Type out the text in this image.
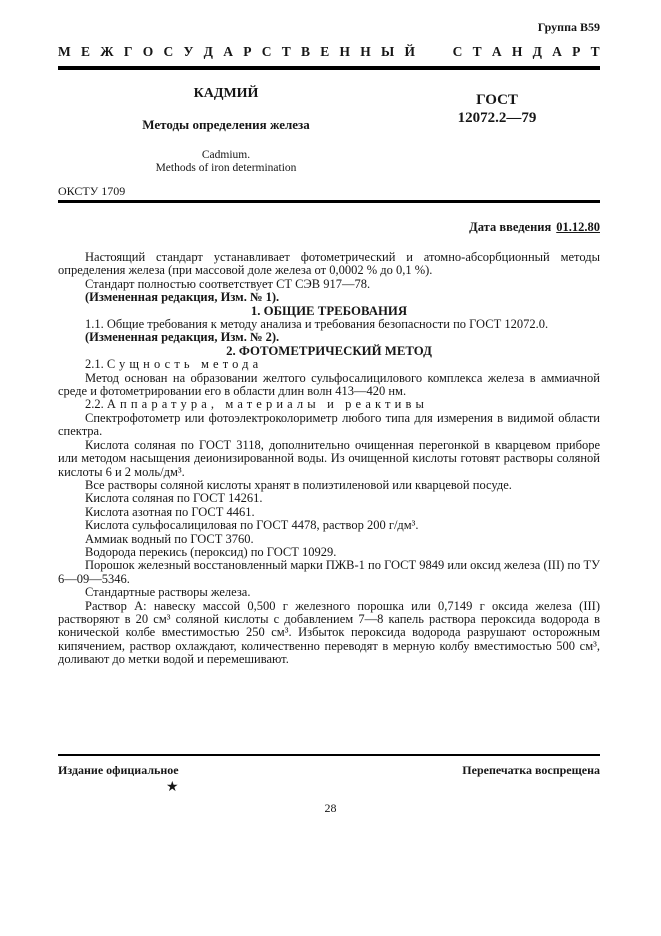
Группа В59
М Е Ж Г О С У Д А Р С Т В Е Н Н Ы Й

	С Т А Н Д А Р Т
КАДМИЙ
Методы определения железа
Cadmium.
Methods of iron determination
ГОСТ
12072.2—79
ОКСТУ 1709
Дата введения 01.12.80

Настоящий стандарт устанавливает фотометрический и атомно-абсорбционный методы определения железа (при массовой доле железа от 0,0002 % до 0,1 %).

Стандарт полностью соответствует СТ СЭВ 917—78.

(Измененная редакция, Изм. № 1).

1. ОБЩИЕ ТРЕБОВАНИЯ

1.1. Общие требования к методу анализа и требования безопасности по ГОСТ 12072.0.

(Измененная редакция, Изм. № 2).

2. ФОТОМЕТРИЧЕСКИЙ МЕТОД

2.1. Сущность метода

Метод основан на образовании желтого сульфосалицилового комплекса железа в аммиачной среде и фотометрировании его в области длин волн 413—420 нм.

2.2. Аппаратура, материалы и реактивы

Спектрофотометр или фотоэлектроколориметр любого типа для измерения в видимой области спектра.

Кислота соляная по ГОСТ 3118, дополнительно очищенная перегонкой в кварцевом приборе или методом насыщения деионизированной воды. Из очищенной кислоты готовят растворы соляной кислоты 6 и 2 моль/дм³.

Все растворы соляной кислоты хранят в полиэтиленовой или кварцевой посуде.

Кислота соляная по ГОСТ 14261.

Кислота азотная по ГОСТ 4461.

Кислота сульфосалициловая по ГОСТ 4478, раствор 200 г/дм³.

Аммиак водный по ГОСТ 3760.

Водорода перекись (пероксид) по ГОСТ 10929.

Порошок железный восстановленный марки ПЖВ-1 по ГОСТ 9849 или оксид железа (III) по ТУ 6—09—5346.

Стандартные растворы железа.

Раствор А: навеску массой 0,500 г железного порошка или 0,7149 г оксида железа (III) растворяют в 20 см³ соляной кислоты с добавлением 7—8 капель раствора пероксида водорода в конической колбе вместимостью 250 см³. Избыток пероксида водорода разрушают осторожным кипячением, раствор охлаждают, количественно переводят в мерную колбу вместимостью 500 см³, доливают до метки водой и перемешивают.

Издание официальное	Перепечатка воспрещена
★
28
